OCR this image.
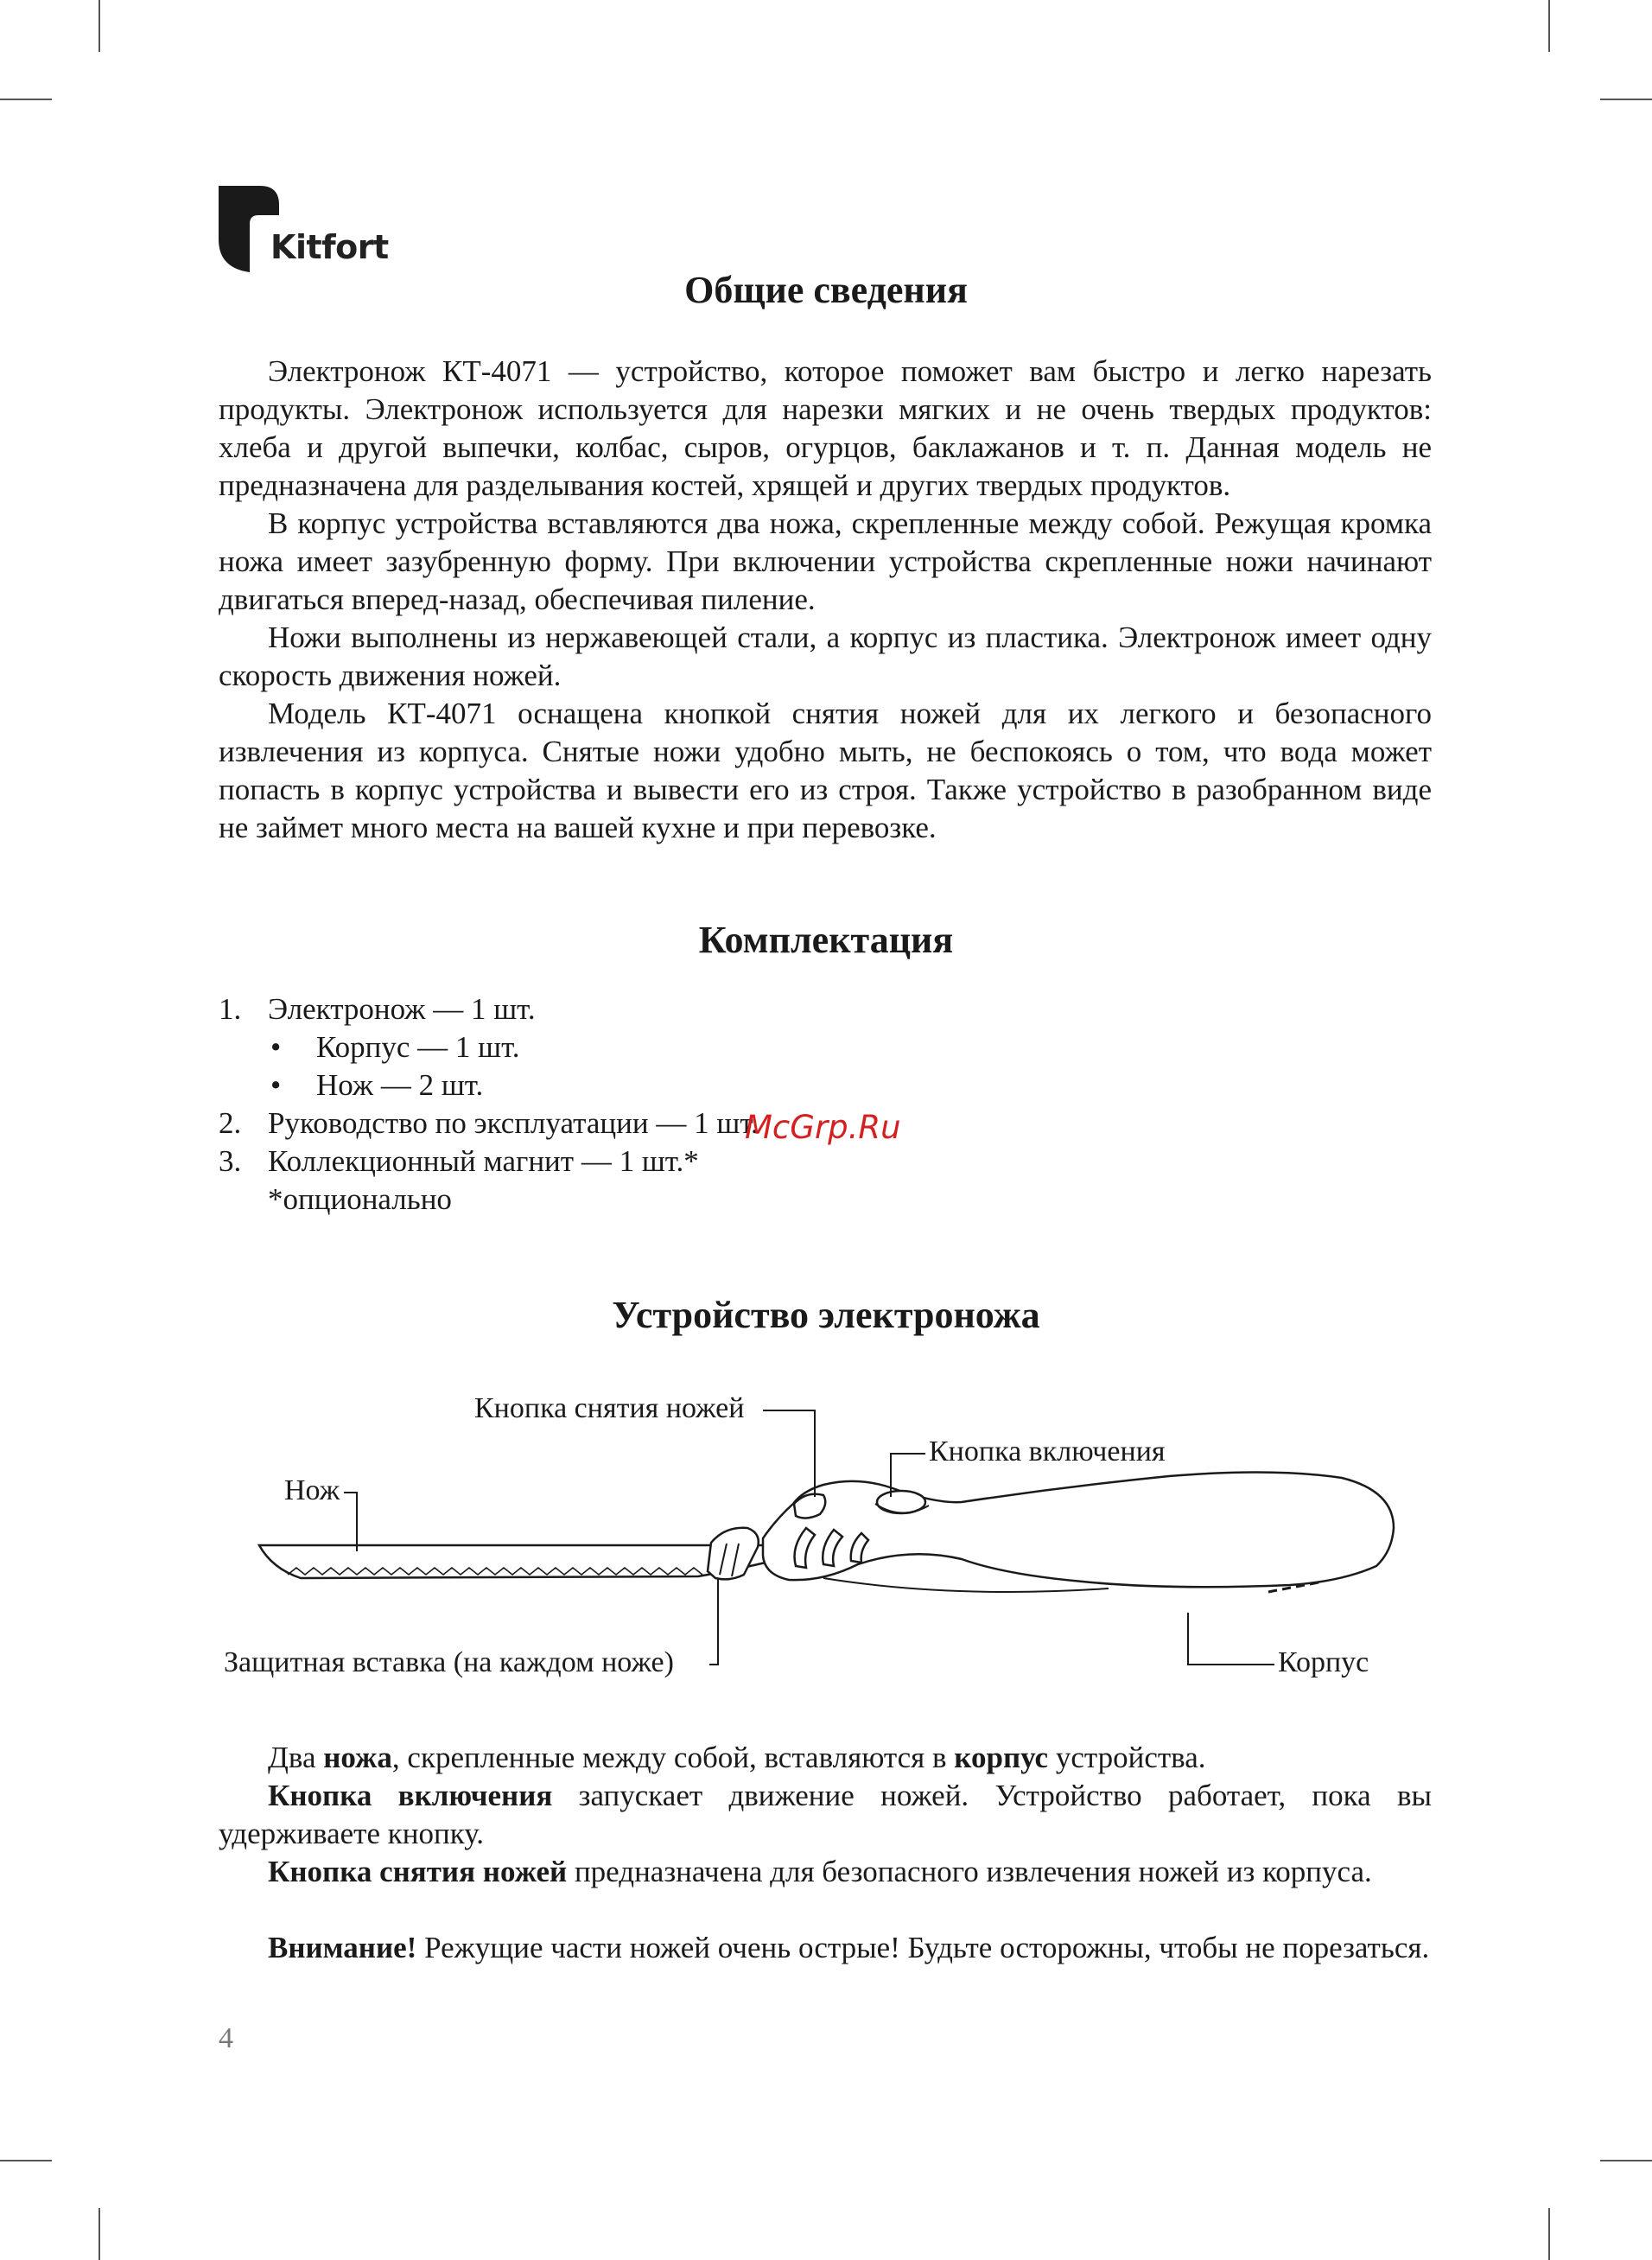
Kitfort
Общие сведения

Электронож КТ-4071 — устройство, которое поможет вам быстро и легко нарезать продукты. Электронож используется для нарезки мягких и не очень твердых продуктов: хлеба и другой выпечки, колбас, сыров, огурцов, баклажанов и т. п. Данная модель не предназначена для разделывания костей, хрящей и других твердых продуктов.

В корпус устройства вставляются два ножа, скрепленные между собой. Режущая кромка ножа имеет зазубренную форму. При включении устройства скрепленные ножи начинают двигаться вперед-назад, обеспечивая пиление.

Ножи выполнены из нержавеющей стали, а корпус из пластика. Электронож имеет одну скорость движения ножей.

Модель КТ-4071 оснащена кнопкой снятия ножей для их легкого и безопасного извлечения из корпуса. Снятые ножи удобно мыть, не беспокоясь о том, что вода может попасть в корпус устройства и вывести его из строя. Также устройство в разобранном виде не займет много места на вашей кухне и при перевозке.

Комплектация
1. Электронож — 1 шт.
• Корпус — 1 шт.
• Нож — 2 шт.
2. Руководство по эксплуатации — 1 шт.
3. Коллекционный магнит — 1 шт.*
*опционально
McGrp.Ru
Устройство электроножа
Кнопка снятия ножей
Кнопка включения
Нож
Защитная вставка (на каждом ноже)	Корпус

Два ножа, скрепленные между собой, вставляются в корпус устройства.

Кнопка включения запускает движение ножей. Устройство работает, пока вы удерживаете кнопку.

Кнопка снятия ножей предназначена для безопасного извлечения ножей из корпуса.

Внимание! Режущие части ножей очень острые! Будьте осторожны, чтобы не порезаться.

4
